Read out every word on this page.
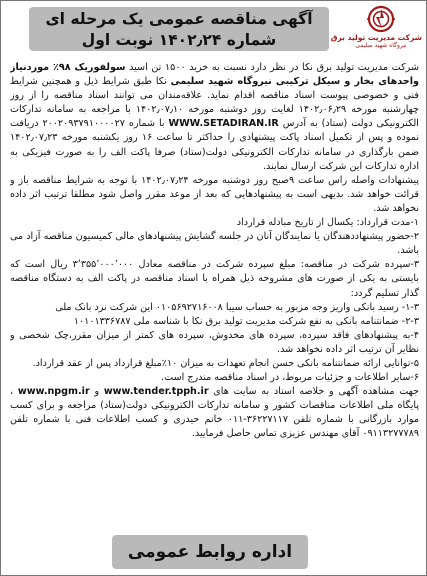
آگهی مناقصه عمومی یک مرحله ای
شماره ۱۴۰۲٫۲۴ نوبت اول	شرکت مدیریت تولید برق
نیروگاه شهید سلیمی

شرکت مدیریت تولید برق نکا در نظر دارد نسبت به خرید ۱۵۰۰ تن اسید سولفوریک ۹۸٪ موردنیاز واحدهای بخار و سیکل ترکیبی نیروگاه شهید سلیمی نکا طبق شرایط ذیل و همچنین شرایط فنی و خصوصی پیوست اسناد مناقصه اقدام نماید. علاقه‌مندان می توانند اسناد مناقصه را از روز چهارشنبه مورخه ۱۴۰۲٫۰۶٫۲۹ لغایت روز دوشنبه مورخه ۱۴۰۲٫۰۷٫۱۰ با مراجعه به سامانه تدارکات الکترونیکی دولت (ستاد) به آدرس WWW.SETADIRAN.IR با شماره ۲۰۰۲۰۹۳۷۹۱۰۰۰۰۲۷ دریافت نموده و پس از تکمیل اسناد پاکت پیشنهادی را حداکثر تا ساعت ۱۶ روز یکشنبه مورخه ۱۴۰۲٫۰۷٫۲۳ ضمن بارگذاری در سامانه تدارکات الکترونیکی دولت(ستاد) صرفا پاکت الف را به صورت فیزیکی به اداره تدارکات این شرکت ارسال نمایند.

پیشنهادات واصله راس ساعت ۹صبح روز دوشنبه مورخه ۱۴۰۲٫۰۷٫۲۴ با توجه به شرایط مناقصه باز و قرائت خواهد شد. بدیهی است به پیشنهادهایی که بعد از موعد مقرر واصل شود مطلقا ترتیب اثر داده نخواهد شد.

۱-مدت قرارداد: یکسال از تاریخ مبادله قرارداد

۲-حضور پیشنهاددهندگان یا نمایندگان آنان در جلسه گشایش پیشنهادهای مالی کمیسیون مناقصه آزاد می باشد.

۳-سپرده شرکت در مناقصه: مبلغ سپرده شرکت در مناقصه معادل ۳٬۳۵۵٬۰۰۰٬۰۰۰ ریال است که بایستی به یکی از صورت های مشروحه ذیل همراه با اسناد مناقصه در پاکت الف به دستگاه مناقصه گذار تسلیم گردد:

۱-۳- رسید بانکی واریز وجه مزبور به حساب سیبا ۰۱۰۵۶۹۲۷۱۶۰۰۸ این شرکت نزد بانک ملی

۲-۳- ضمانتنامه بانکی به نفع شرکت مدیریت تولید برق نکا با شناسه ملی ۱۰۱۰۱۳۳۶۷۸۷

۴-به پیشنهادهای فاقد سپرده، سپرده های مخدوش، سپرده های کمتر از میزان مقرر،چک شخصی و نظایر آن ترتیب اثر داده نخواهد شد.

۵-توانایی ارائه ضمانتنامه بانکی حسن انجام تعهدات به میزان ۱۰٪مبلغ قرارداد پس از عقد قرارداد.

۶-سایر اطلاعات و جزئیات مربوط، در اسناد مناقصه مندرج است.

جهت مشاهده آگهی و خلاصه اسناد به سایت های www.tender.tpph.ir و www.npgm.ir ، پایگاه ملی اطلاعات مناقصات کشور و سامانه تدارکات الکترونیکی دولت(ستاد) مراجعه و برای کسب موارد بازرگانی با شماره تلفن ۳۶۲۲۷۱۱۷-۰۱۱ خانم حیدری و کسب اطلاعات فنی با شماره تلفن ۰۹۱۱۳۲۷۷۷۸۹ آقای مهندس عزیزی تماس حاصل فرمایید.

اداره روابط عمومی
